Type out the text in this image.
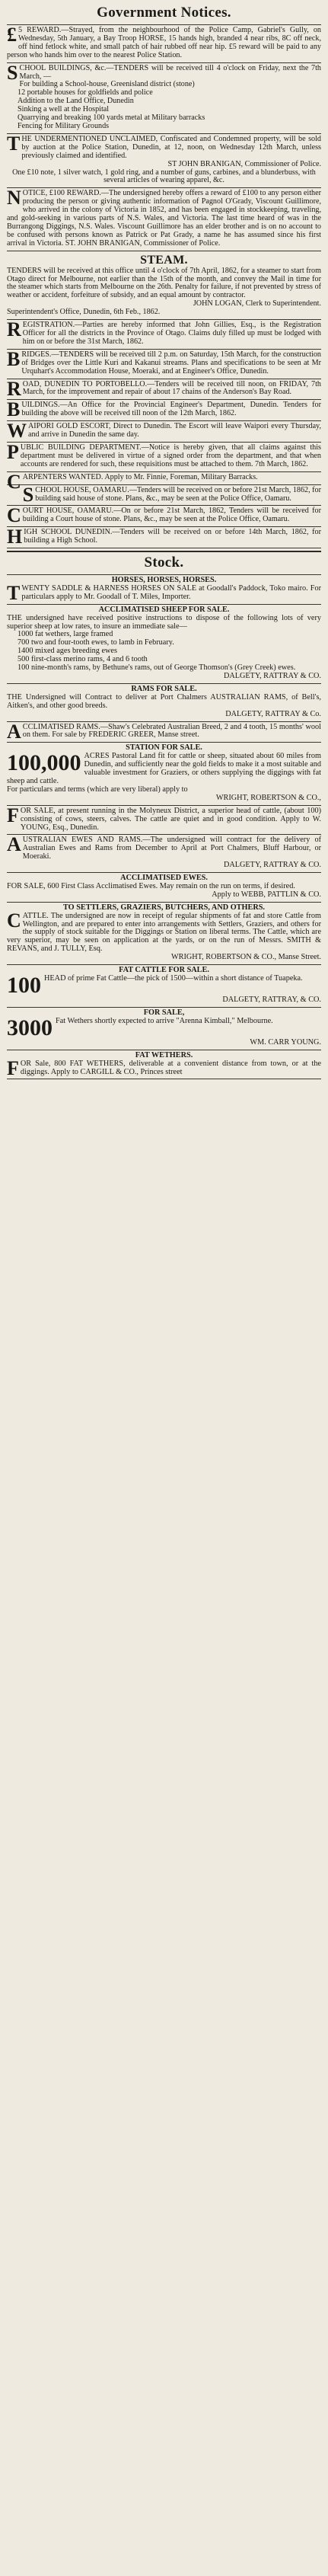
Government Notices.

£5 REWARD.—Strayed, from the neighbourhood of the Police Camp, Gabriel's Gully, on Wednesday, 5th January, a Bay Troop HORSE, 15 hands high, branded 4 near ribs, 8C off neck, off hind fetlock white, and small patch of hair rubbed off near hip. £5 reward will be paid to any person who hands him over to the nearest Police Station.

SCHOOL BUILDINGS, &c.—TENDERS will be received till 4 o'clock on Friday, next the 7th March, —

For building a School-house, Greenisland district (stone)

12 portable houses for goldfields and police

Addition to the Land Office, Dunedin

Sinking a well at the Hospital

Quarrying and breaking 100 yards metal at Military barracks

Fencing for Military Grounds

THE UNDERMENTIONED UNCLAIMED, Confiscated and Condemned property, will be sold by auction at the Police Station, Dunedin, at 12, noon, on Wednesday 12th March, unless previously claimed and identified.

ST JOHN BRANIGAN, Commissioner of Police.

One £10 note, 1 silver watch, 1 gold ring, and a number of guns, carbines, and a blunderbuss, with several articles of wearing apparel, &c.

NOTICE, £100 REWARD.—The undersigned hereby offers a reward of £100 to any person either producing the person or giving authentic information of Pagnol O'Grady, Viscount Guillimore, who arrived in the colony of Victoria in 1852, and has been engaged in stockkeeping, traveling, and gold-seeking in various parts of N.S. Wales, and Victoria. The last time heard of was in the Burrangong Diggings, N.S. Wales. Viscount Guillimore has an elder brother and is on no account to be confused with persons known as Patrick or Pat Grady, a name he has assumed since his first arrival in Victoria. ST. JOHN BRANIGAN, Commissioner of Police.

STEAM.

TENDERS will be received at this office until 4 o'clock of 7th April, 1862, for a steamer to start from Otago direct for Melbourne, not earlier than the 15th of the month, and convey the Mail in time for the steamer which starts from Melbourne on the 26th. Penalty for failure, if not prevented by stress of weather or accident, forfeiture of subsidy, and an equal amount by contractor.

JOHN LOGAN, Clerk to Superintendent.

Superintendent's Office, Dunedin, 6th Feb., 1862.

REGISTRATION.—Parties are hereby informed that John Gillies, Esq., is the Registration Officer for all the districts in the Province of Otago. Claims duly filled up must be lodged with him on or before the 31st March, 1862.

BRIDGES.—TENDERS will be received till 2 p.m. on Saturday, 15th March, for the construction of Bridges over the Little Kuri and Kakanui streams. Plans and specifications to be seen at Mr Urquhart's Accommodation House, Moeraki, and at Engineer's Office, Dunedin.

ROAD, DUNEDIN TO PORTOBELLO.—Tenders will be received till noon, on FRIDAY, 7th March, for the improvement and repair of about 17 chains of the Anderson's Bay Road.

BUILDINGS.—An Office for the Provincial Engineer's Department, Dunedin. Tenders for building the above will be received till noon of the 12th March, 1862.

WAIPORI GOLD ESCORT, Direct to Dunedin. The Escort will leave Waipori every Thursday, and arrive in Dunedin the same day.

PUBLIC BUILDING DEPARTMENT.—Notice is hereby given, that all claims against this department must be delivered in virtue of a signed order from the department, and that when accounts are rendered for such, these requisitions must be attached to them. 7th March, 1862.

CARPENTERS WANTED. Apply to Mr. Finnie, Foreman, Military Barracks.

SCHOOL HOUSE, OAMARU.—Tenders will be received on or before 21st March, 1862, for building said house of stone. Plans, &c., may be seen at the Police Office, Oamaru.

COURT HOUSE, OAMARU.—On or before 21st March, 1862, Tenders will be received for building a Court house of stone. Plans, &c., may be seen at the Police Office, Oamaru.

HIGH SCHOOL DUNEDIN.—Tenders will be received on or before 14th March, 1862, for building a High School.

Stock.

HORSES, HORSES, HORSES.

TWENTY SADDLE & HARNESS HORSES ON SALE at Goodall's Paddock, Toko mairo. For particulars apply to Mr. Goodall of T. Miles, Importer.

ACCLIMATISED SHEEP FOR SALE.

THE undersigned have received positive instructions to dispose of the following lots of very superior sheep at low rates, to insure an immediate sale—

1000 fat wethers, large framed

700 two and four-tooth ewes, to lamb in February.

1400 mixed ages breeding ewes

500 first-class merino rams, 4 and 6 tooth

100 nine-month's rams, by Bethune's rams, out of George Thomson's (Grey Creek) ewes.

DALGETY, RATTRAY & CO.

RAMS FOR SALE.

THE Undersigned will Contract to deliver at Port Chalmers AUSTRALIAN RAMS, of Bell's, Aitken's, and other good breeds.

DALGETY, RATTRAY & Co.

ACCLIMATISED RAMS.—Shaw's Celebrated Australian Breed, 2 and 4 tooth, 15 months' wool on them. For sale by FREDERIC GREER, Manse street.

STATION FOR SALE.

100,000 ACRES Pastoral Land fit for cattle or sheep, situated about 60 miles from Dunedin, and sufficiently near the gold fields to make it a most suitable and valuable investment for Graziers, or others supplying the diggings with fat sheep and cattle.

For particulars and terms (which are very liberal) apply to

WRIGHT, ROBERTSON & CO.,

FOR SALE, at present running in the Molyneux District, a superior head of cattle, (about 100) consisting of cows, steers, calves. The cattle are quiet and in good condition. Apply to W. YOUNG, Esq., Dunedin.

AUSTRALIAN EWES AND RAMS.—The undersigned will contract for the delivery of Australian Ewes and Rams from December to April at Port Chalmers, Bluff Harbour, or Moeraki.

DALGETY, RATTRAY & CO.

ACCLIMATISED EWES.

FOR SALE, 600 First Class Acclimatised Ewes. May remain on the run on terms, if desired.

Apply to WEBB, PATTLIN & CO.

TO SETTLERS, GRAZIERS, BUTCHERS, AND OTHERS.

CATTLE. The undersigned are now in receipt of regular shipments of fat and store Cattle from Wellington, and are prepared to enter into arrangements with Settlers, Graziers, and others for the supply of stock suitable for the Diggings or Station on liberal terms. The Cattle, which are very superior, may be seen on application at the yards, or on the run of Messrs. SMITH & REVANS, and J. TULLY, Esq.

WRIGHT, ROBERTSON & CO., Manse Street.

FAT CATTLE FOR SALE.

100 HEAD of prime Fat Cattle—the pick of 1500—within a short distance of Tuapeka.

DALGETY, RATTRAY, & CO.

FOR SALE,

3000 Fat Wethers shortly expected to arrive "Arenna Kimball," Melbourne.

WM. CARR YOUNG.

FAT WETHERS.

FOR Sale, 800 FAT WETHERS, deliverable at a convenient distance from town, or at the diggings. Apply to CARGILL & CO., Princes street
